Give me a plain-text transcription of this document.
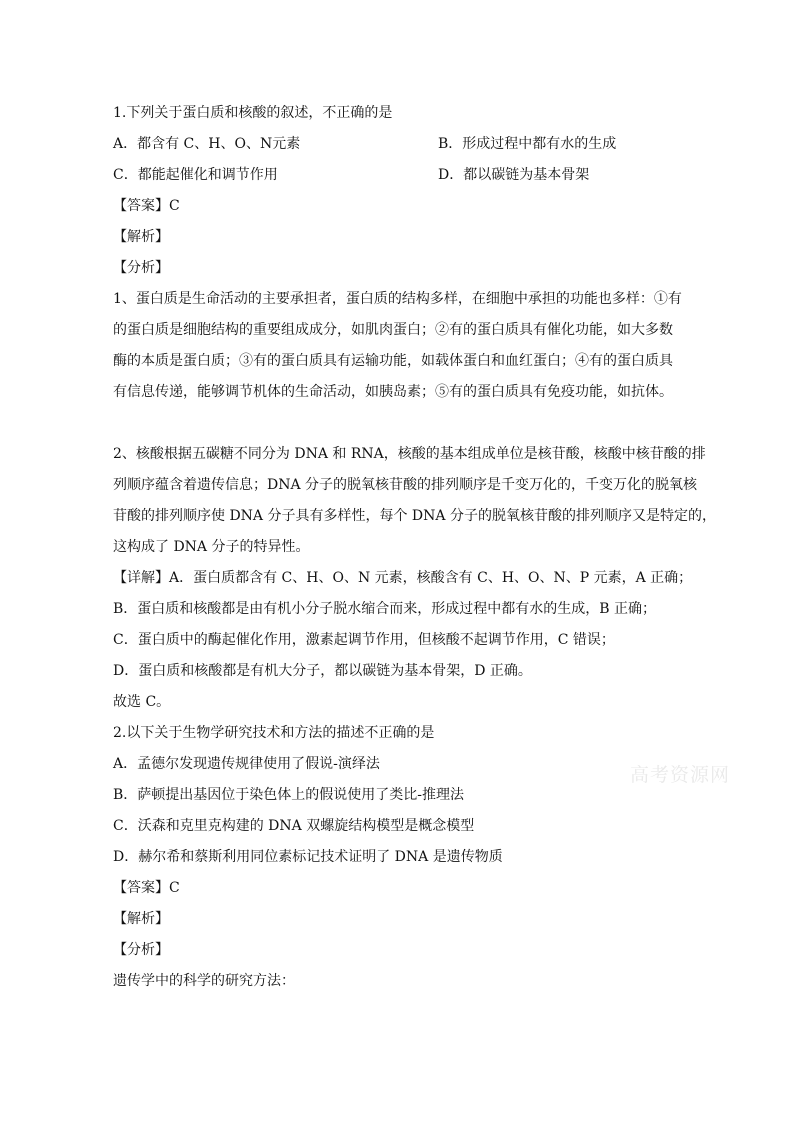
1.下列关于蛋白质和核酸的叙述，不正确的是
A．都含有 C、H、O、N元素	B．形成过程中都有水的生成
C．都能起催化和调节作用	D．都以碳链为基本骨架
【答案】C
【解析】
【分析】
1、蛋白质是生命活动的主要承担者，蛋白质的结构多样，在细胞中承担的功能也多样：①有
的蛋白质是细胞结构的重要组成成分，如肌肉蛋白；②有的蛋白质具有催化功能，如大多数
酶的本质是蛋白质；③有的蛋白质具有运输功能，如载体蛋白和血红蛋白；④有的蛋白质具
有信息传递，能够调节机体的生命活动，如胰岛素；⑤有的蛋白质具有免疫功能，如抗体。
2、核酸根据五碳糖不同分为 DNA 和 RNA，核酸的基本组成单位是核苷酸，核酸中核苷酸的排
列顺序蕴含着遗传信息；DNA 分子的脱氧核苷酸的排列顺序是千变万化的，千变万化的脱氧核
苷酸的排列顺序使 DNA 分子具有多样性，每个 DNA 分子的脱氧核苷酸的排列顺序又是特定的，
这构成了 DNA 分子的特异性。
【详解】A．蛋白质都含有 C、H、O、N 元素，核酸含有 C、H、O、N、P 元素，A 正确；
B．蛋白质和核酸都是由有机小分子脱水缩合而来，形成过程中都有水的生成，B 正确；
C．蛋白质中的酶起催化作用，激素起调节作用，但核酸不起调节作用，C 错误；
D．蛋白质和核酸都是有机大分子，都以碳链为基本骨架，D 正确。
故选 C。
2.以下关于生物学研究技术和方法的描述不正确的是
A．孟德尔发现遗传规律使用了假说-演绎法
B．萨顿提出基因位于染色体上的假说使用了类比-推理法
C．沃森和克里克构建的 DNA 双螺旋结构模型是概念模型
D．赫尔希和蔡斯利用同位素标记技术证明了 DNA 是遗传物质
【答案】C
【解析】
【分析】
遗传学中的科学的研究方法：
高考资源网
